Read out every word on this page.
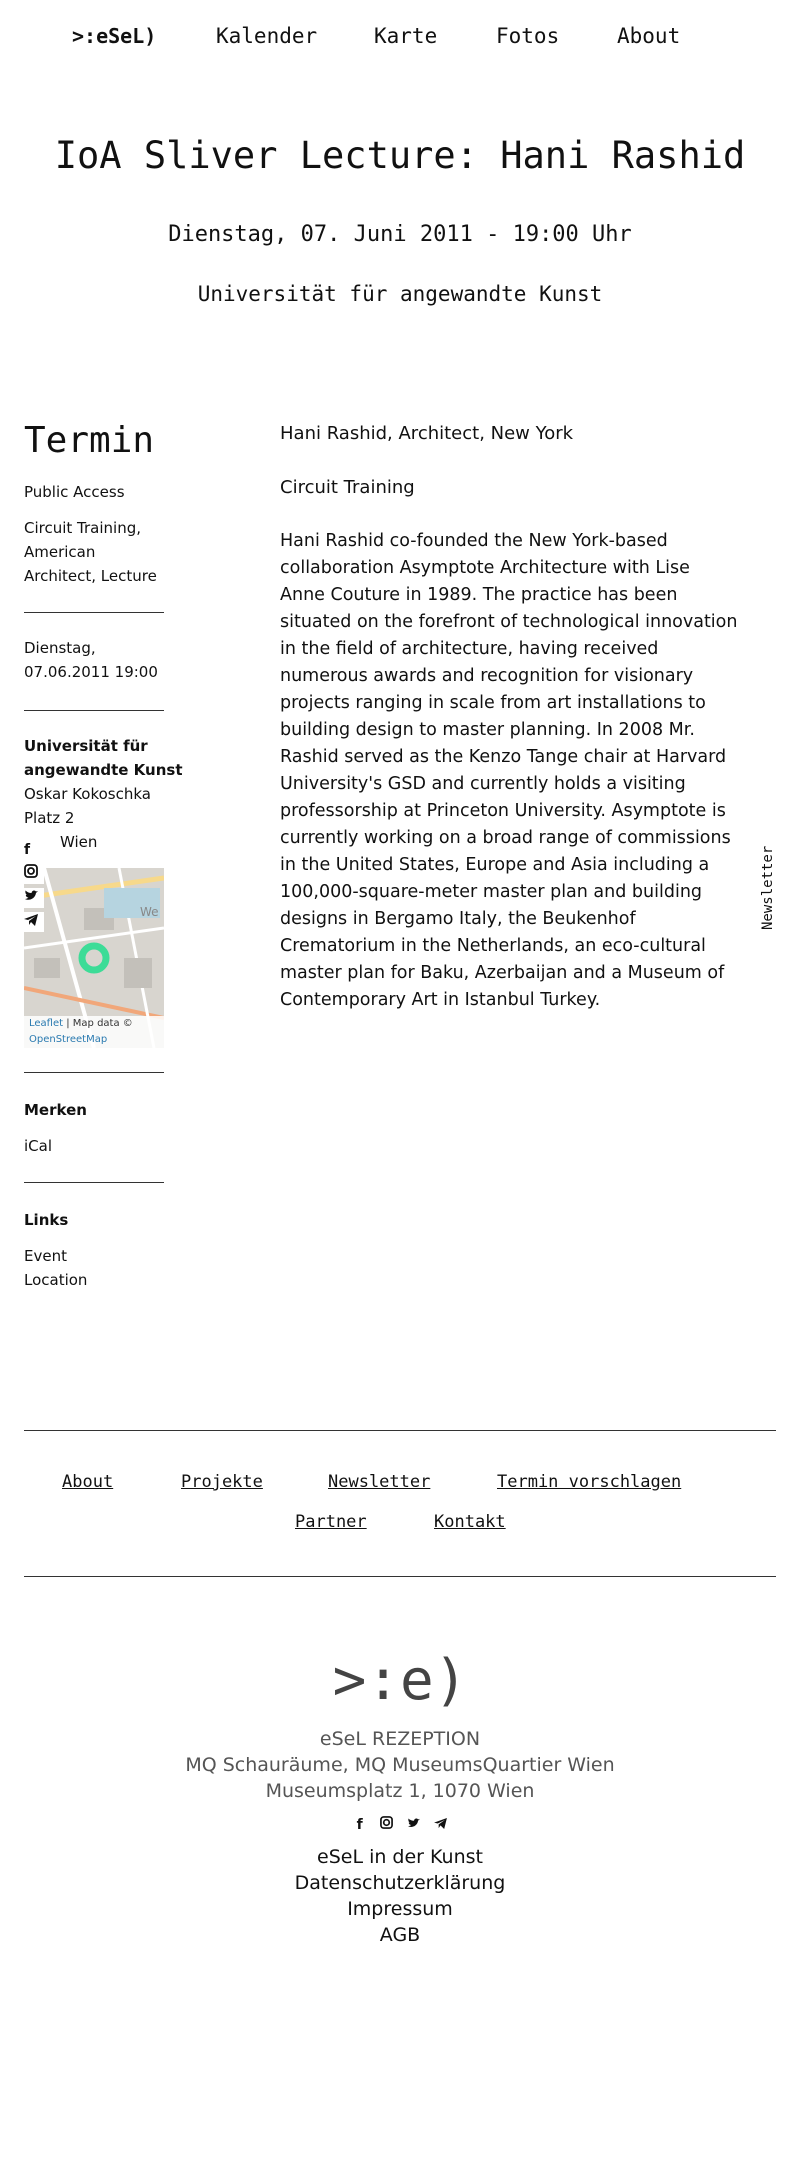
>:eSeL)	Kalender	Karte	Fotos	About
IoA Sliver Lecture: Hani Rashid
Dienstag, 07. Juni 2011 - 19:00 Uhr
Universität für angewandte Kunst
Termin
Public Access
Circuit Training,
American
Architect, Lecture
Dienstag,
07.06.2011 19:00
Universität für
angewandte Kunst
Oskar Kokoschka
Platz 2
Wien
We
Leaflet | Map data ©
OpenStreetMap
f
Merken
iCal
Links
Event
Location
Hani Rashid, Architect, New York
Circuit Training
Hani Rashid co-founded the New York-based collaboration Asymptote Architecture with Lise Anne Couture in 1989. The practice has been situated on the forefront of technological innovation in the field of architecture, having received numerous awards and recognition for visionary projects ranging in scale from art installations to building design to master planning. In 2008 Mr. Rashid served as the Kenzo Tange chair at Harvard University's GSD and currently holds a visiting professorship at Princeton University. Asymptote is currently working on a broad range of commissions in the United States, Europe and Asia including a 100,000-square-meter master plan and building designs in Bergamo Italy, the Beukenhof Crematorium in the Netherlands, an eco-cultural master plan for Baku, Azerbaijan and a Museum of Contemporary Art in Istanbul Turkey.
Newsletter
About	Projekte	Newsletter	Termin vorschlagen
Partner	Kontakt
>:e)
eSeL REZEPTION
MQ Schauräume, MQ MuseumsQuartier Wien
Museumsplatz 1, 1070 Wien
f
eSeL in der Kunst
Datenschutzerklärung
Impressum
AGB
